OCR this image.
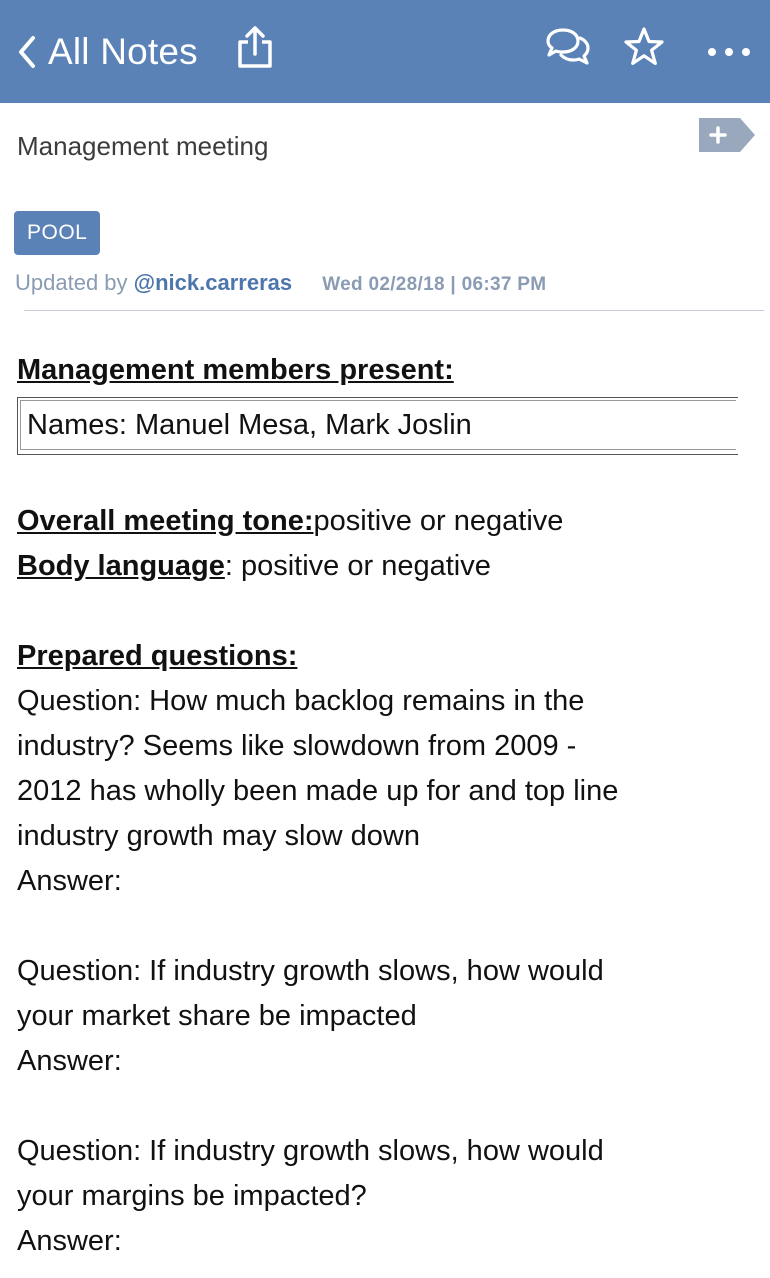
All Notes
Management meeting
POOL
Updated by @nick.carreras Wed 02/28/18 | 06:37 PM
Management members present:
Names: Manuel Mesa, Mark Joslin
Overall meeting tone:positive or negative
Body language: positive or negative
Prepared questions:
Question: How much backlog remains in the
industry? Seems like slowdown from 2009 -
2012 has wholly been made up for and top line
industry growth may slow down
Answer:
Question: If industry growth slows, how would
your market share be impacted
Answer:
Question: If industry growth slows, how would
your margins be impacted?
Answer:
